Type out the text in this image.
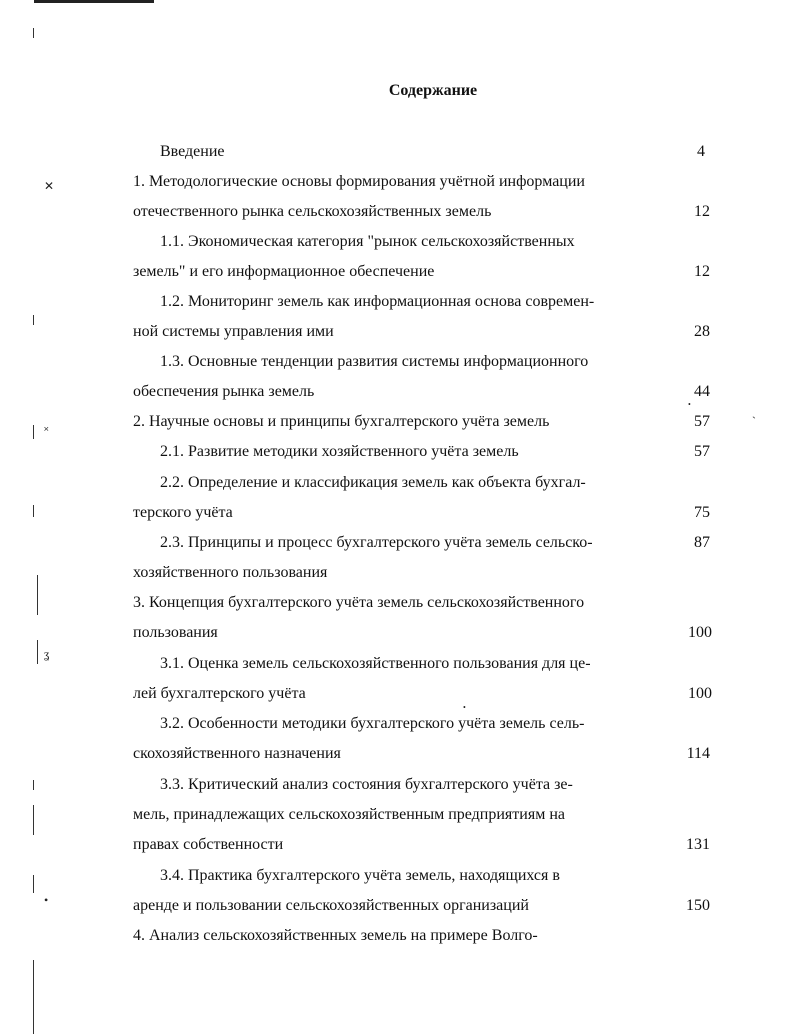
✕
˟
ʓ
•
ˋ
•
•
Содержание
Введение
1. Методологические основы формирования учётной информации
отечественного рынка сельскохозяйственных земель
1.1. Экономическая категория "рынок сельскохозяйственных
земель" и его информационное обеспечение
1.2. Мониторинг земель как информационная основа современ-
ной системы управления ими
1.3. Основные тенденции развития системы информационного
обеспечения рынка земель
2. Научные основы и принципы бухгалтерского учёта земель
2.1. Развитие методики хозяйственного учёта земель
2.2. Определение и классификация земель как объекта бухгал-
терского учёта
2.3. Принципы и процесс бухгалтерского учёта земель сельско-
хозяйственного пользования
3. Концепция бухгалтерского учёта земель сельскохозяйственного
пользования
3.1. Оценка земель сельскохозяйственного пользования для це-
лей бухгалтерского учёта
3.2. Особенности методики бухгалтерского учёта земель сель-
скохозяйственного назначения
3.3. Критический анализ состояния бухгалтерского учёта зе-
мель, принадлежащих сельскохозяйственным предприятиям на
правах собственности
3.4. Практика бухгалтерского учёта земель, находящихся в
аренде и пользовании сельскохозяйственных организаций
4. Анализ сельскохозяйственных земель на примере Волго-
4
12
12
28
44
57
57
75
87
100
100
114
131
150
